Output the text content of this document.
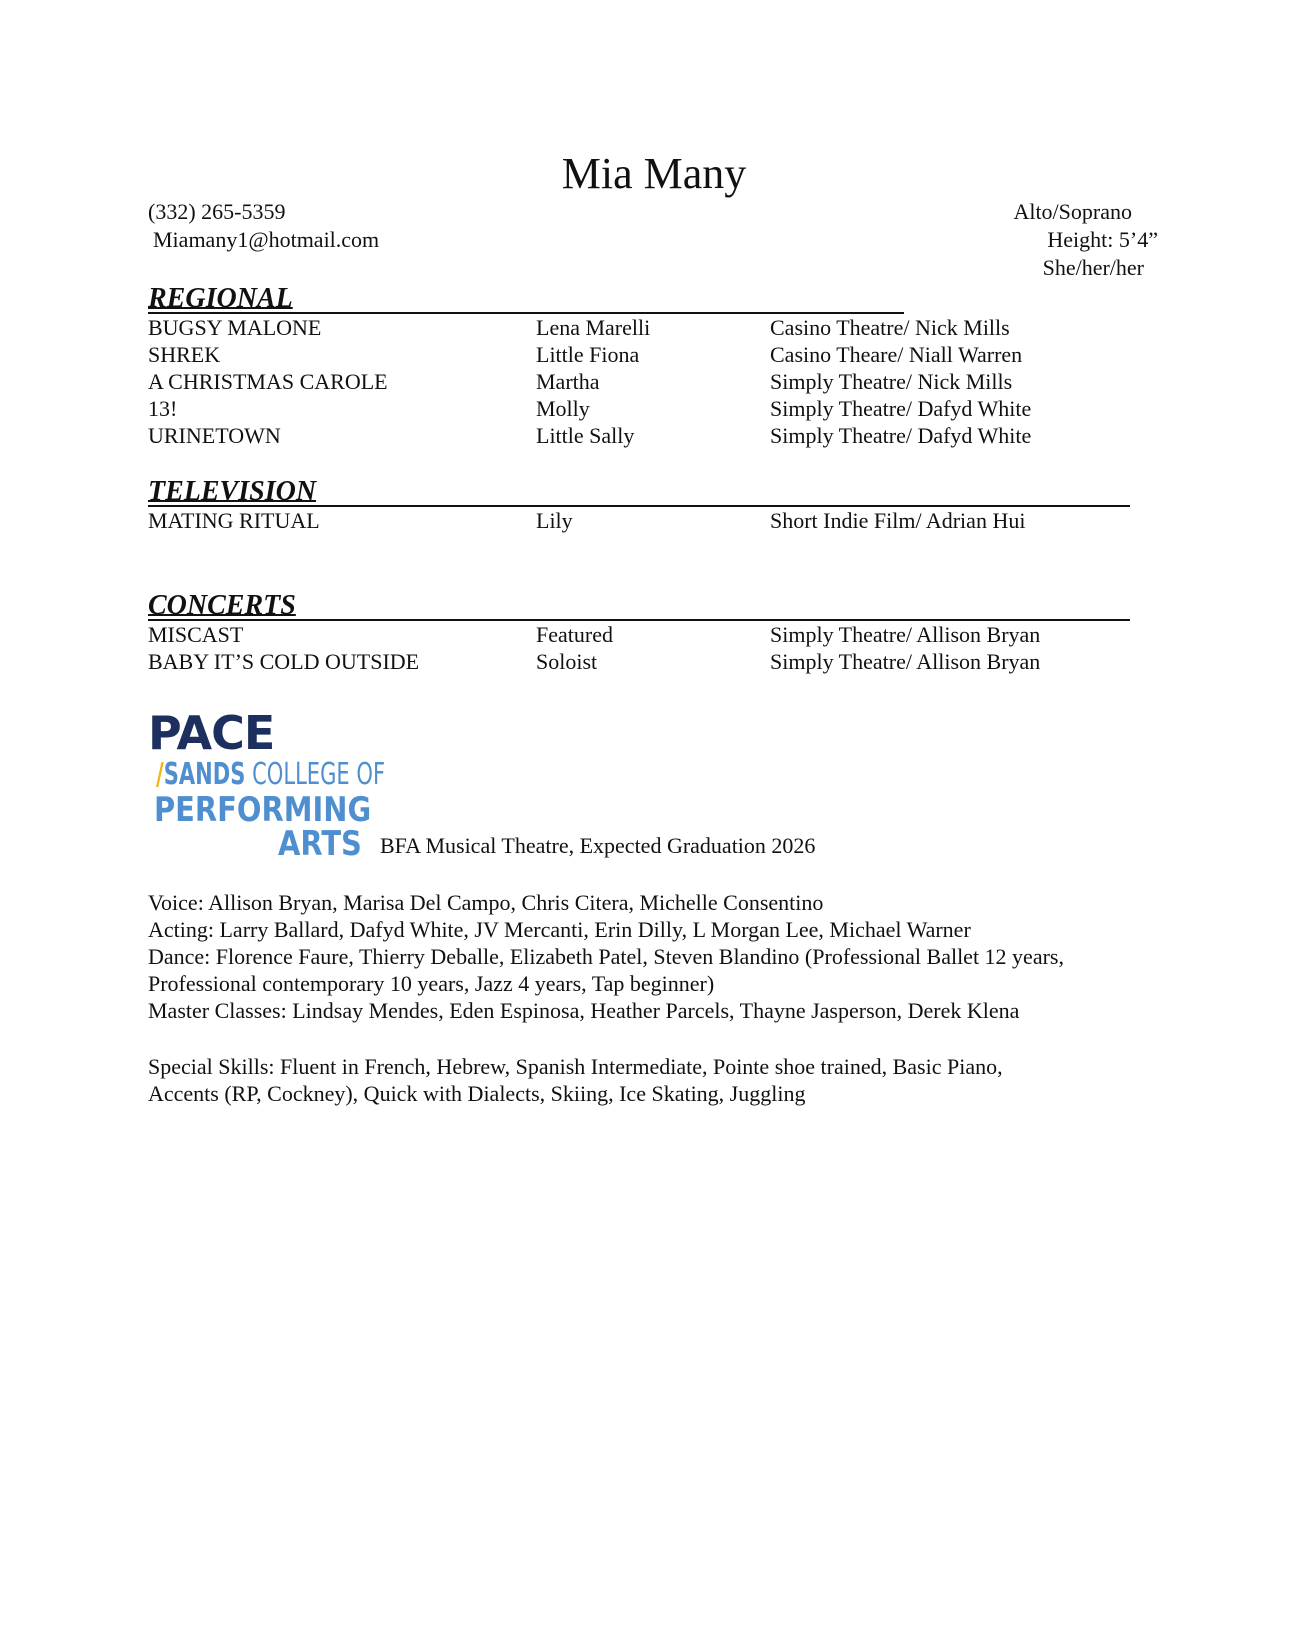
Mia Many
(332) 265-5359
Miamany1@hotmail.com
Alto/Soprano
Height: 5’4”
She/her/her
REGIONAL
BUGSY MALONE	Lena Marelli	Casino Theatre/ Nick Mills
SHREK	Little Fiona	Casino Theare/ Niall Warren
A CHRISTMAS CAROLE	Martha	Simply Theatre/ Nick Mills
13!	Molly	Simply Theatre/ Dafyd White
URINETOWN	Little Sally	Simply Theatre/ Dafyd White
TELEVISION
MATING RITUAL	Lily	Short Indie Film/ Adrian Hui
CONCERTS
MISCAST	Featured	Simply Theatre/ Allison Bryan
BABY IT’S COLD OUTSIDE	Soloist	Simply Theatre/ Allison Bryan
PACE
/SANDS COLLEGE OF
PERFORMING
ARTS BFA Musical Theatre, Expected Graduation 2026
Voice: Allison Bryan, Marisa Del Campo, Chris Citera, Michelle Consentino
Acting: Larry Ballard, Dafyd White, JV Mercanti, Erin Dilly, L Morgan Lee, Michael Warner
Dance: Florence Faure, Thierry Deballe, Elizabeth Patel, Steven Blandino (Professional Ballet 12 years,
Professional contemporary 10 years, Jazz 4 years, Tap beginner)
Master Classes: Lindsay Mendes, Eden Espinosa, Heather Parcels, Thayne Jasperson, Derek Klena
Special Skills: Fluent in French, Hebrew, Spanish Intermediate, Pointe shoe trained, Basic Piano,
Accents (RP, Cockney), Quick with Dialects, Skiing, Ice Skating, Juggling
